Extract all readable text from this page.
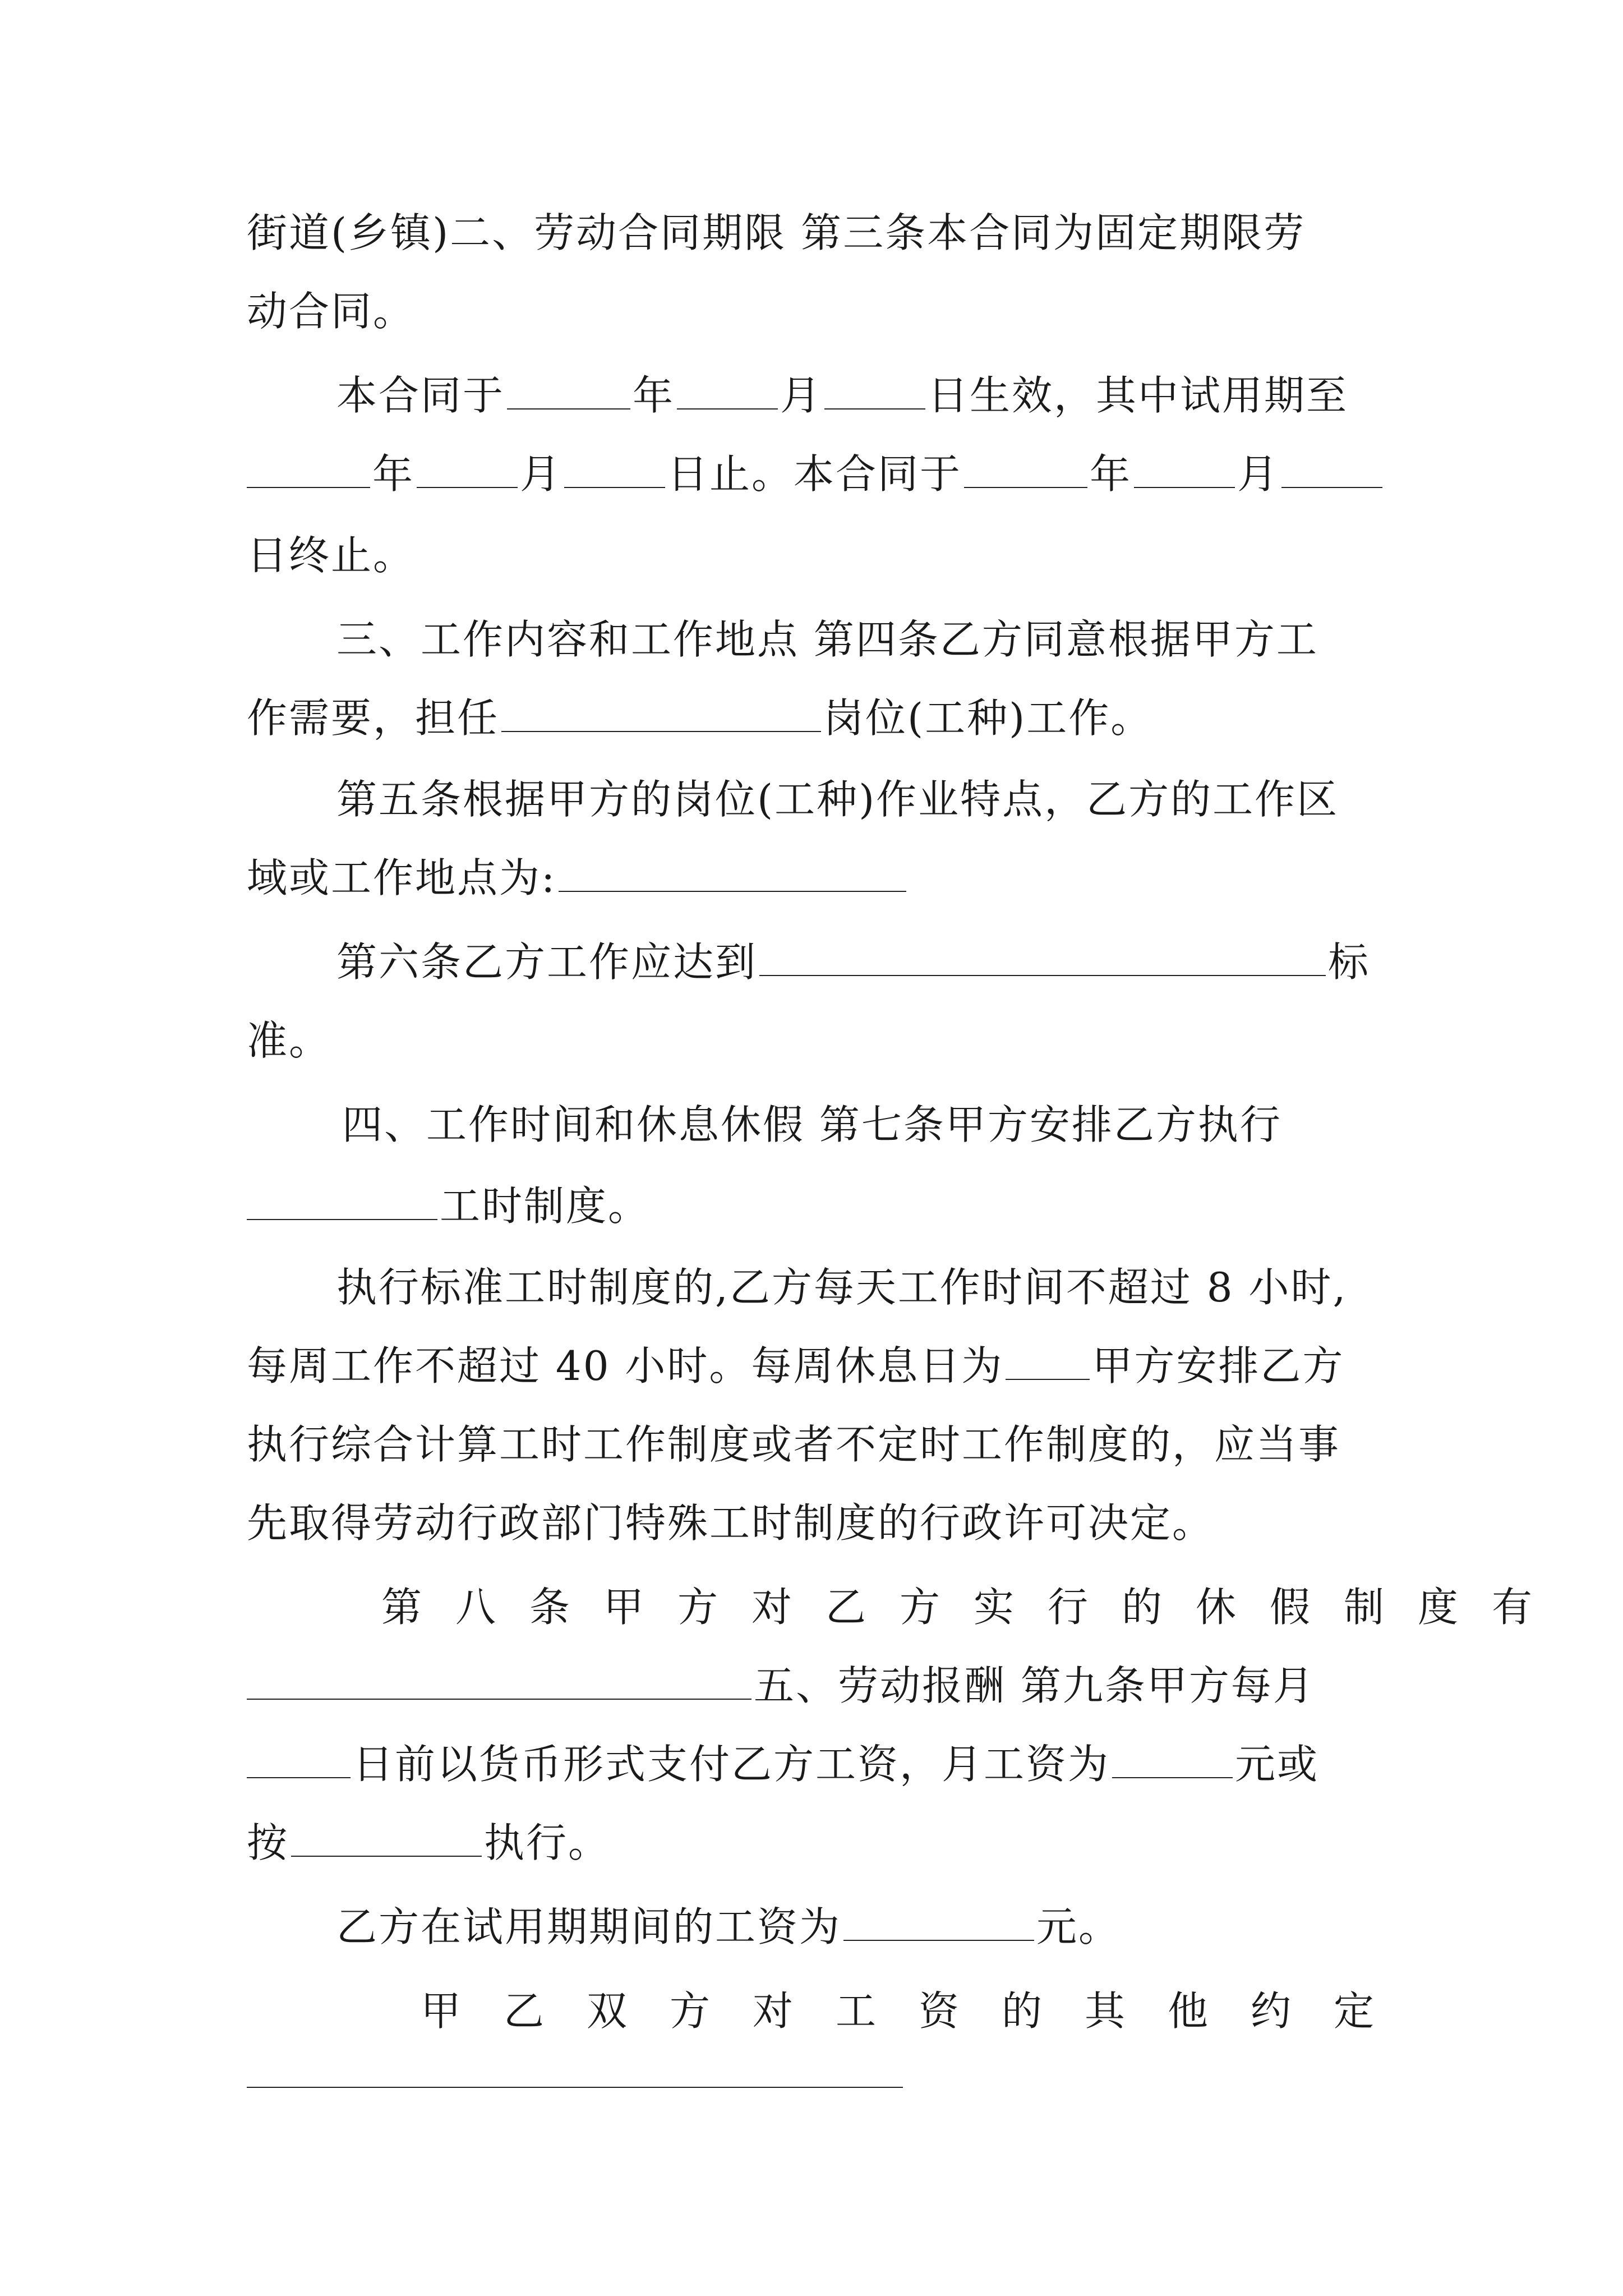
街道(乡镇)二、劳动合同期限 第三条本合同为固定期限劳
动合同。
本合同于	年	月	日生效，其中试用期至
年	月	日止。本合同于	年	月
日终止。
三、工作内容和工作地点 第四条乙方同意根据甲方工
作需要，担任	岗位(工种)工作。
第五条根据甲方的岗位(工种)作业特点，乙方的工作区
域或工作地点为:
第六条乙方工作应达到	标
准。
四、工作时间和休息休假 第七条甲方安排乙方执行
工时制度。
执行标准工时制度的,乙方每天工作时间不超过 8 小时,
每周工作不超过 40 小时。每周休息日为 甲方安排乙方
执行综合计算工时工作制度或者不定时工作制度的，应当事
先取得劳动行政部门特殊工时制度的行政许可决定。
第八条甲方对乙方实行的休假制度有
五、劳动报酬 第九条甲方每月
日前以货币形式支付乙方工资，月工资为	元或
按	执行。
乙方在试用期期间的工资为	元。
甲乙双方对工资的其他约定
